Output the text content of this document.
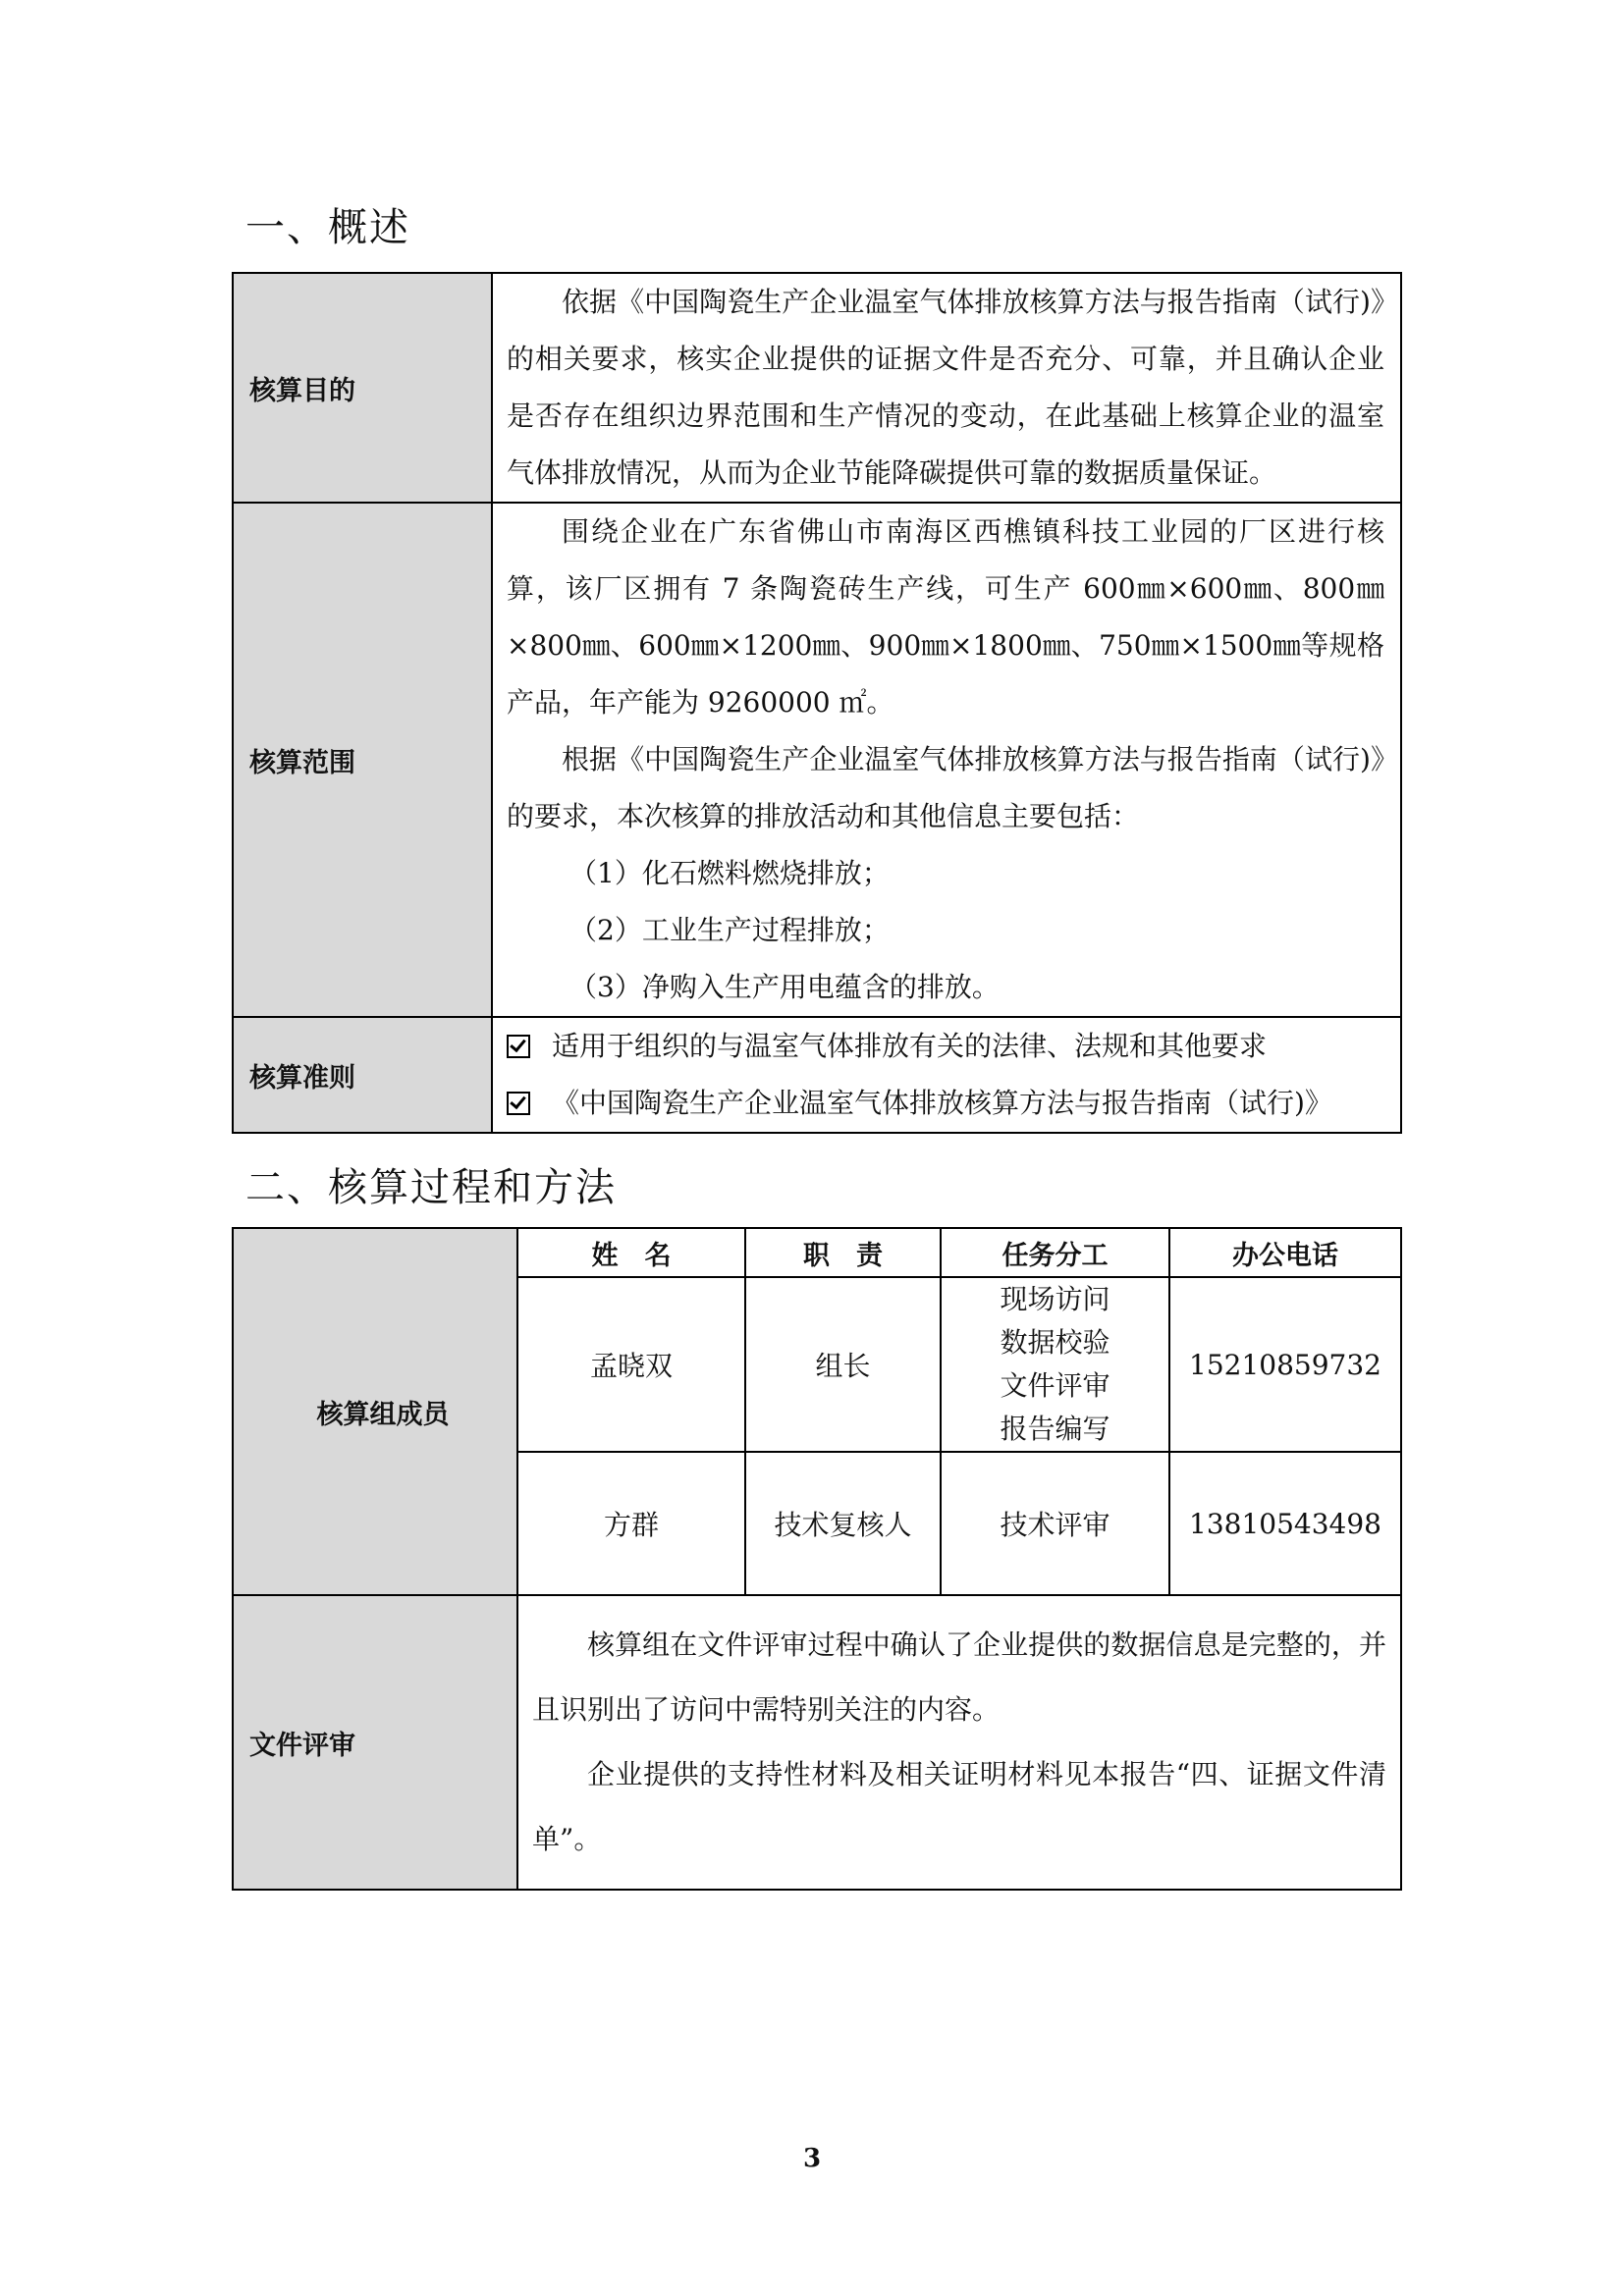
一、概述
核算目的	依据《中国陶瓷生产企业温室气体排放核算方法与报告指南（试行)》的相关要求，核实企业提供的证据文件是否充分、可靠，并且确认企业是否存在组织边界范围和生产情况的变动，在此基础上核算企业的温室气体排放情况，从而为企业节能降碳提供可靠的数据质量保证。

核算范围	围绕企业在广东省佛山市南海区西樵镇科技工业园的厂区进行核算，该厂区拥有 7 条陶瓷砖生产线，可生产 600㎜×600㎜、800㎜×800㎜、600㎜×1200㎜、900㎜×1800㎜、750㎜×1500㎜等规格产品，年产能为 9260000 ㎡。

根据《中国陶瓷生产企业温室气体排放核算方法与报告指南（试行)》的要求，本次核算的排放活动和其他信息主要包括：

（1）化石燃料燃烧排放；

（2）工业生产过程排放；

（3）净购入生产用电蕴含的排放。

核算准则	适用于组织的与温室气体排放有关的法律、法规和其他要求
《中国陶瓷生产企业温室气体排放核算方法与报告指南（试行)》
二、核算过程和方法
核算组成员	姓　名	职　责	任务分工	办公电话
	孟晓双	组长	现场访问
数据校验
文件评审
报告编写	15210859732
	方群	技术复核人	技术评审	13810543498
文件评审	核算组在文件评审过程中确认了企业提供的数据信息是完整的，并且识别出了访问中需特别关注的内容。

企业提供的支持性材料及相关证明材料见本报告“四、证据文件清单”。			

3
